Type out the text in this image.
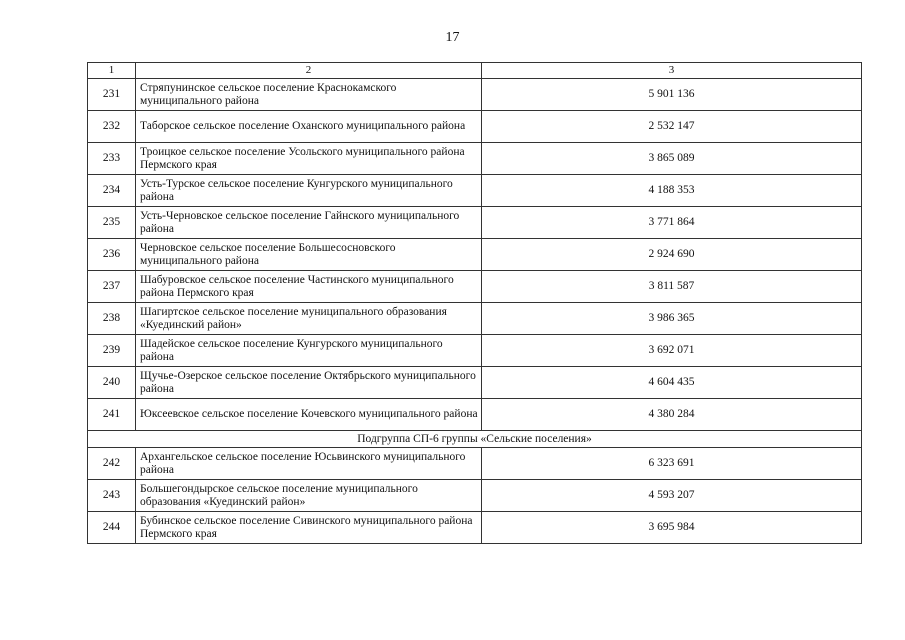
17
1	2	3
231	Стряпунинское сельское поселение Краснокамского муниципального района	5 901 136
232	Таборское сельское поселение Оханского муниципального района	2 532 147
233	Троицкое сельское поселение Усольского муниципального района Пермского края	3 865 089
234	Усть-Турское сельское поселение Кунгурского муниципального района	4 188 353
235	Усть-Черновское сельское поселение Гайнского муниципального района	3 771 864
236	Черновское сельское поселение Большесосновского муниципального района	2 924 690
237	Шабуровское сельское поселение Частинского муниципального района Пермского края	3 811 587
238	Шагиртское сельское поселение муниципального образования «Куединский район»	3 986 365
239	Шадейское сельское поселение Кунгурского муниципального района	3 692 071
240	Щучье-Озерское сельское поселение Октябрьского муниципального района	4 604 435
241	Юксеевское сельское поселение Кочевского муниципального района	4 380 284
Подгруппа СП-6 группы «Сельские поселения»		
242	Архангельское сельское поселение Юсьвинского муниципального района	6 323 691
243	Большегондырское сельское поселение муниципального образования «Куединский район»	4 593 207
244	Бубинское сельское поселение Сивинского муниципального района Пермского края	3 695 984
